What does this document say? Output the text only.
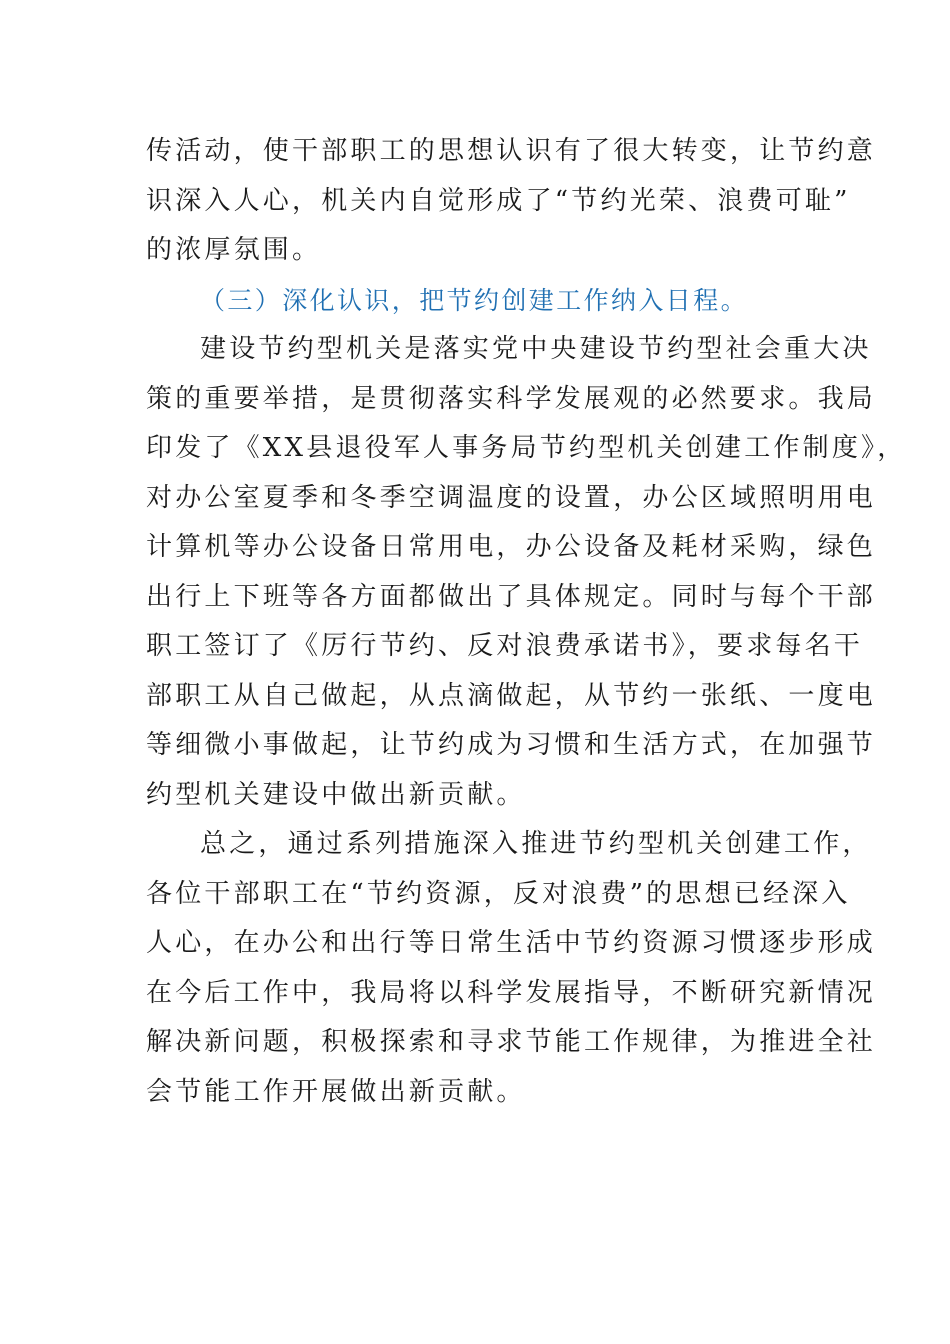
传活动，使干部职工的思想认识有了很大转变，让节约意
识深入人心，机关内自觉形成了“节约光荣、浪费可耻”
的浓厚氛围。
（三）深化认识，把节约创建工作纳入日程。
建设节约型机关是落实党中央建设节约型社会重大决
策的重要举措，是贯彻落实科学发展观的必然要求。我局
印发了《XX县退役军人事务局节约型机关创建工作制度》，
对办公室夏季和冬季空调温度的设置，办公区域照明用电
计算机等办公设备日常用电，办公设备及耗材采购，绿色
出行上下班等各方面都做出了具体规定。同时与每个干部
职工签订了《厉行节约、反对浪费承诺书》，要求每名干
部职工从自己做起，从点滴做起，从节约一张纸、一度电
等细微小事做起，让节约成为习惯和生活方式，在加强节
约型机关建设中做出新贡献。
总之，通过系列措施深入推进节约型机关创建工作，
各位干部职工在“节约资源，反对浪费”的思想已经深入
人心，在办公和出行等日常生活中节约资源习惯逐步形成
在今后工作中，我局将以科学发展指导，不断研究新情况
解决新问题，积极探索和寻求节能工作规律，为推进全社
会节能工作开展做出新贡献。
